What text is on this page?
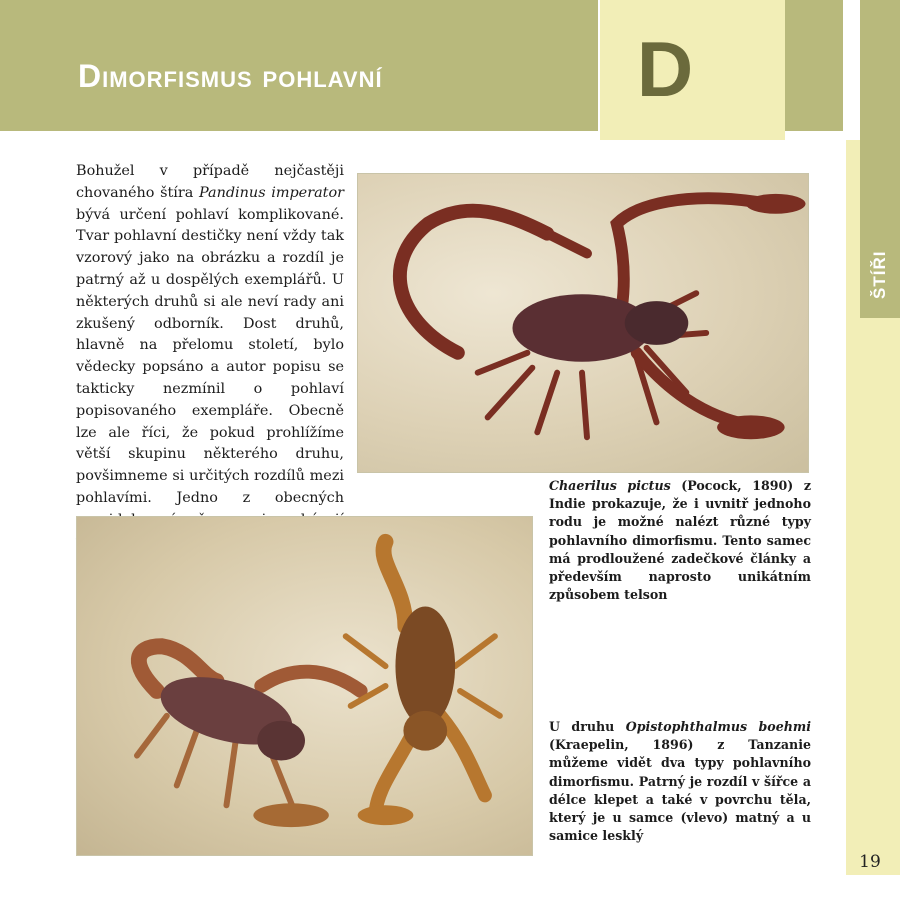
Dimorfismus pohlavní	D
ŠTÍŘI
19
Bohužel v případě nejčastěji chovaného štíra Pandinus imperator bývá určení pohlaví komplikované. Tvar pohlavní destičky není vždy tak vzorový jako na obrázku a rozdíl je patrný až u dospělých exemplářů. U některých druhů si ale neví rady ani zkušený odborník. Dost druhů, hlavně na přelomu století, bylo vědecky popsáno a autor popisu se takticky nezmínil o pohlaví popisovaného exempláře. Obecně lze ale říci, že pokud prohlížíme větší skupinu některého druhu, povšimneme si určitých rozdílů mezi pohlavími. Jedno z obecných
Chaerilus pictus (Pocock, 1890) z Indie prokazuje, že i uvnitř jednoho rodu je možné nalézt různé typy pohlavního dimorfismu. Tento samec má prodloužené zadečkové články a především naprosto unikátním způsobem telson
U druhu Opistophthalmus boehmi (Kraepelin, 1896) z Tanzanie můžeme vidět dva typy pohlavního dimorfismu. Patrný je rozdíl v šířce a délce klepet a také v povrchu těla, který je u samce (vlevo) matný a u samice lesklý
